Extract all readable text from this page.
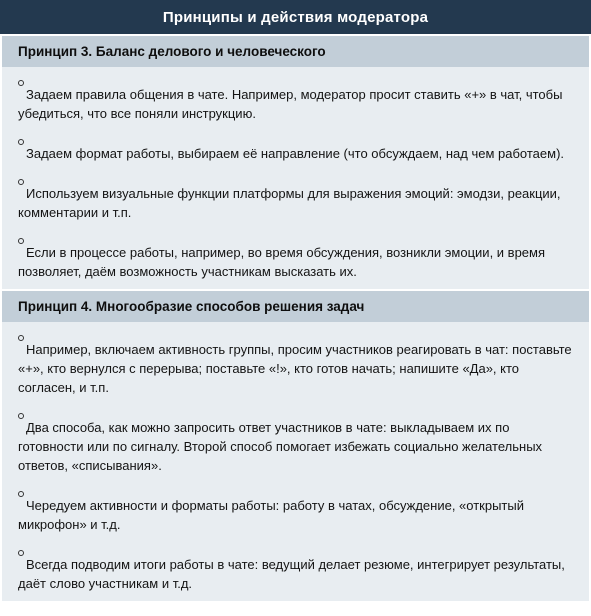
Принципы и действия модератора
Принцип 3. Баланс делового и человеческого
Задаем правила общения в чате. Например, модератор просит ставить «+» в чат, чтобы убедиться, что все поняли инструкцию.
Задаем формат работы, выбираем её направление (что обсуждаем, над чем работаем).
Используем визуальные функции платформы для выражения эмоций: эмодзи, реакции, комментарии и т.п.
Если в процессе работы, например, во время обсуждения, возникли эмоции, и время позволяет, даём возможность участникам высказать их.
Принцип 4. Многообразие способов решения задач
Например, включаем активность группы, просим участников реагировать в чат: поставьте «+», кто вернулся с перерыва; поставьте «!», кто готов начать; напишите «Да», кто согласен, и т.п.
Два способа, как можно запросить ответ участников в чате: выкладываем их по готовности или по сигналу. Второй способ помогает избежать социально желательных ответов, «списывания».
Чередуем активности и форматы работы: работу в чатах, обсуждение, «открытый микрофон» и т.д.
Всегда подводим итоги работы в чате: ведущий делает резюме, интегрирует результаты, даёт слово участникам и т.д.
